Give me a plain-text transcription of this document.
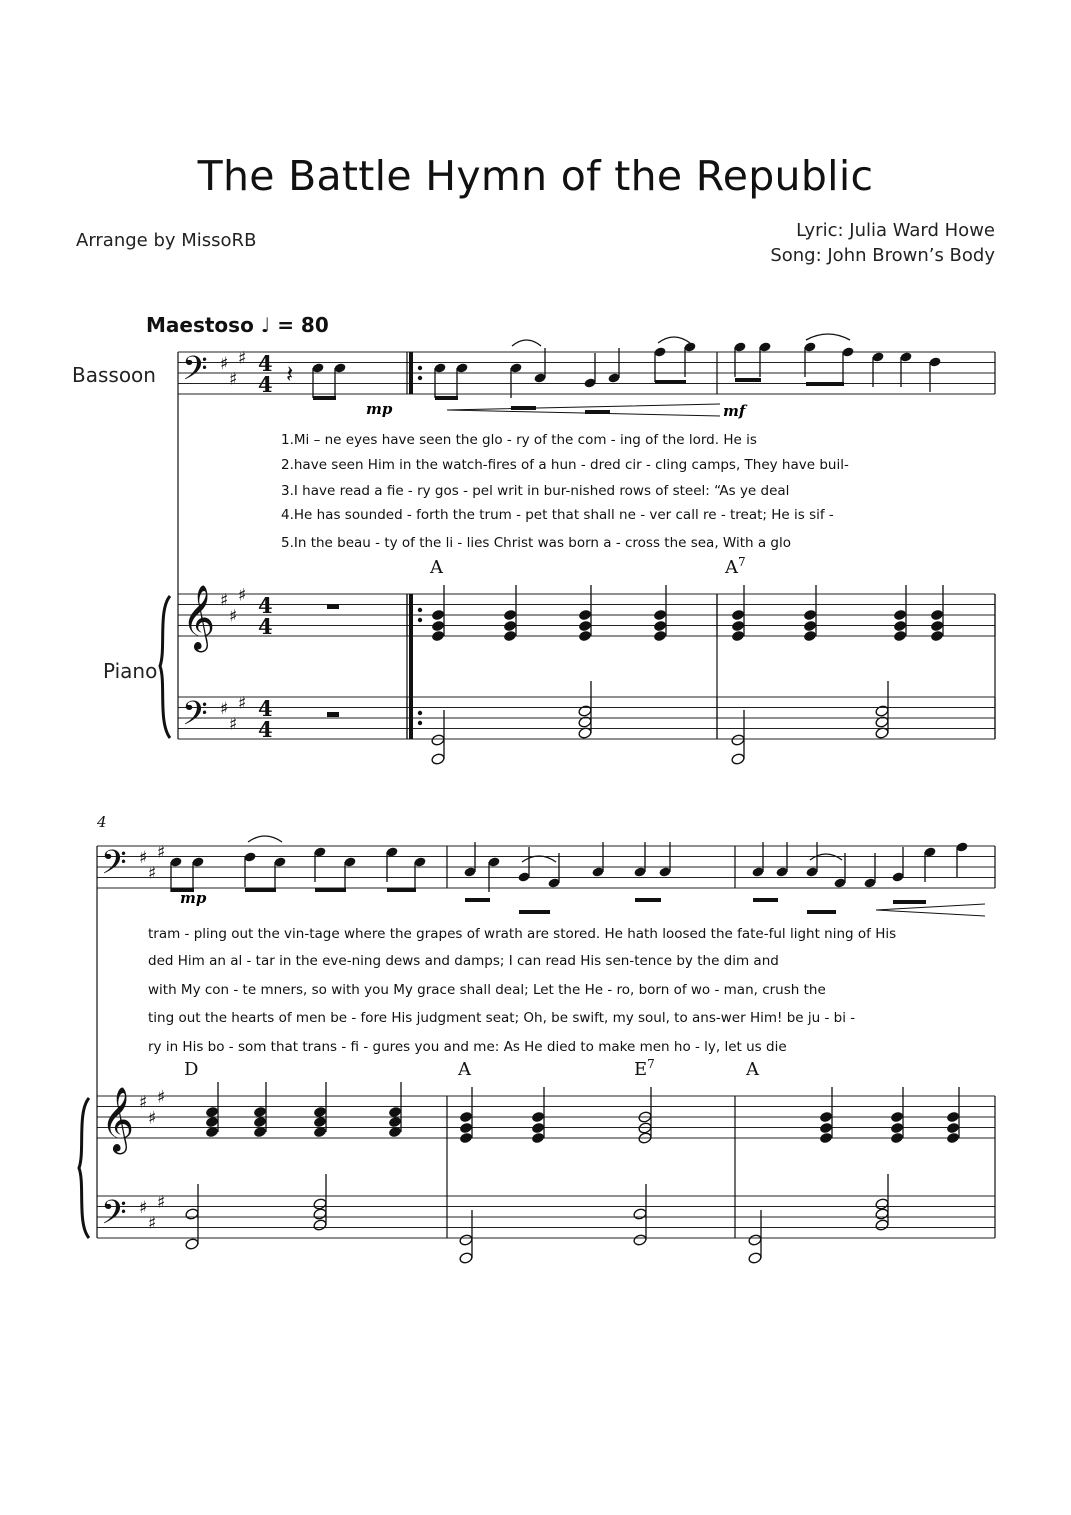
The Battle Hymn of the Republic
Arrange by MissoRB	Lyric: Julia Ward Howe
Song: John Brown’s Body
Maestoso ♩ = 80
Bassoon
Piano
4
1.Mi – ne eyes have seen the glo - ry of the com - ing of the lord. He is
2.have seen Him in the watch-fires of a hun - dred cir - cling camps, They have buil-
3.I have read a fie - ry gos - pel writ in bur-nished rows of steel: “As ye deal
4.He has sounded - forth the trum - pet that shall ne - ver call re - treat; He is sif -
5.In the beau - ty of the li - lies Christ was born a - cross the sea, With a glo
tram - pling out the vin-tage where the grapes of wrath are stored. He hath loosed the fate-ful light ning of His
ded Him an al - tar in the eve-ning dews and damps; I can read His sen-tence by the dim and
with My con - te mners, so with you My grace shall deal; Let the He - ro, born of wo - man, crush the
ting out the hearts of men be - fore His judgment seat; Oh, be swift, my soul, to ans-wer Him! be ju - bi -
ry in His bo - som that trans - fi - gures you and me: As He died to make men ho - ly, let us die
A	$A^7$
D	A	$E^7$	A
𝄢 ♯
♯
♯
𝄞 ♯
♯
♯
𝄢 ♯
♯
♯
𝄢 ♯
♯
♯
𝄞 ♯
♯
♯
𝄢 ♯
♯
♯
4
4
4
4
4
4
𝄽
mp	mf
mp
